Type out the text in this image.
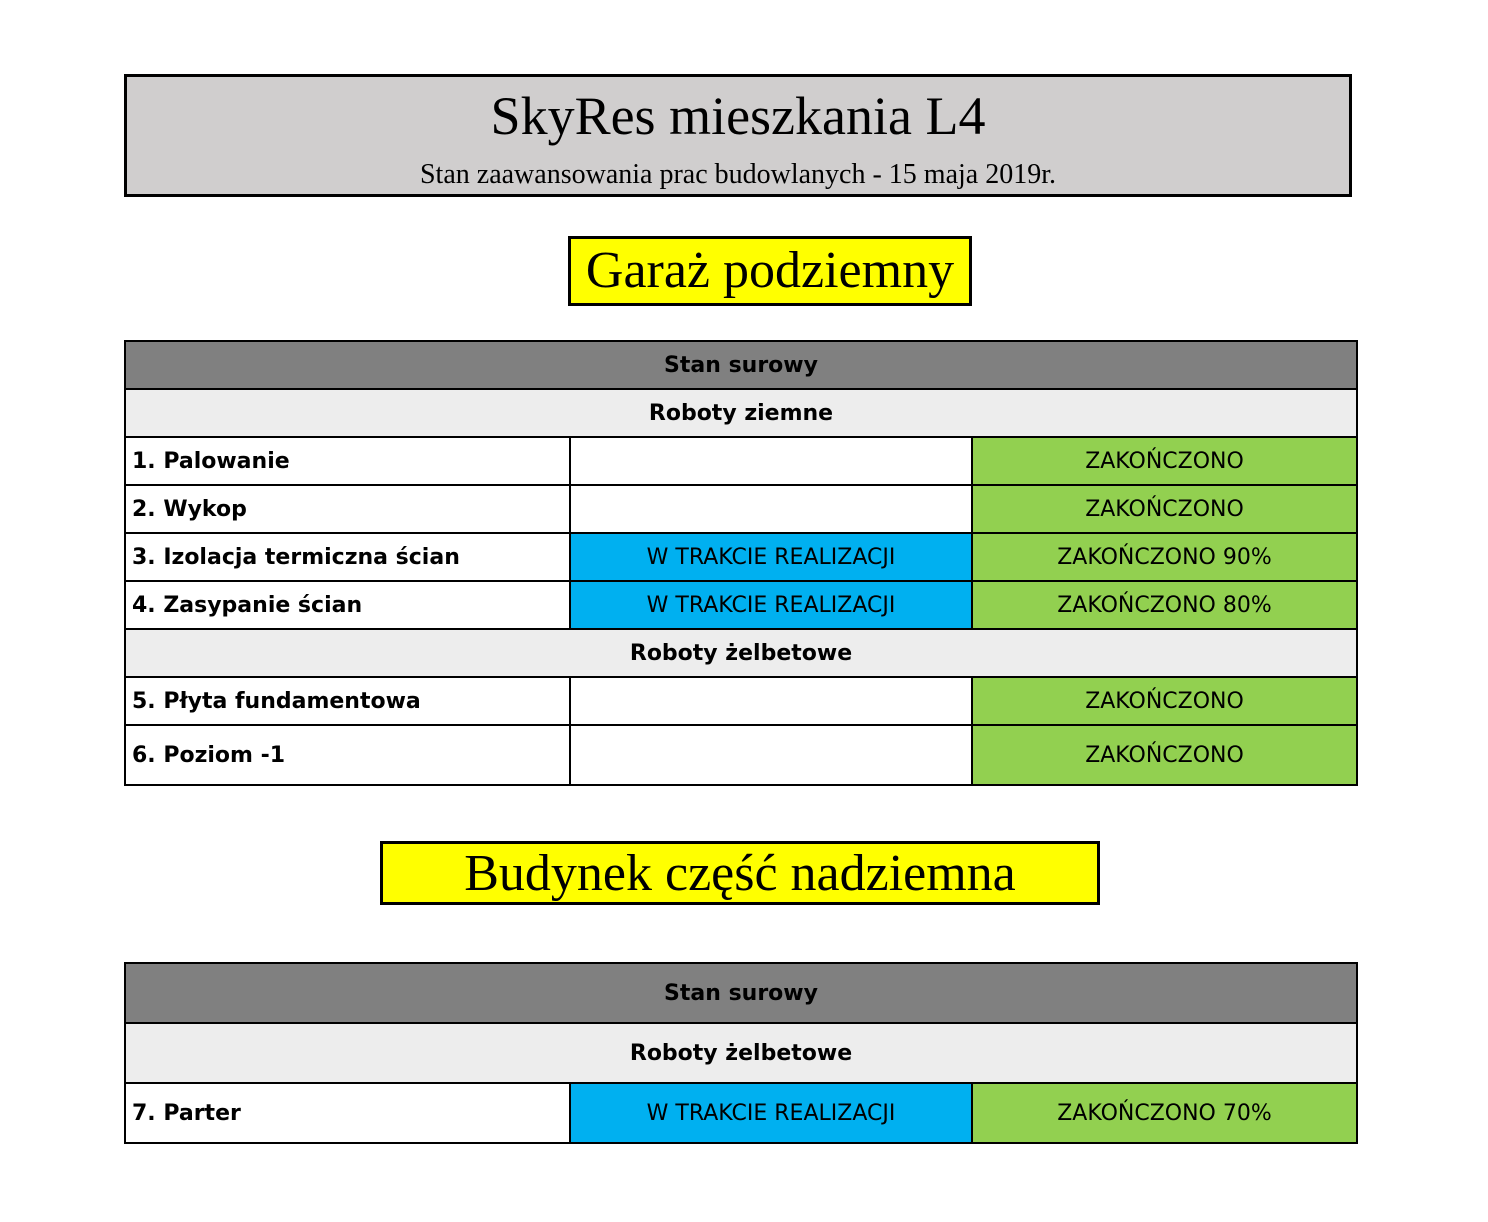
SkyRes mieszkania L4
Stan zaawansowania prac budowlanych - 15 maja 2019r.
Garaż podziemny
Stan surowy		
Roboty ziemne		
1. Palowanie		ZAKOŃCZONO
2. Wykop		ZAKOŃCZONO
3. Izolacja termiczna ścian	W TRAKCIE REALIZACJI	ZAKOŃCZONO 90%
4. Zasypanie ścian	W TRAKCIE REALIZACJI	ZAKOŃCZONO 80%
Roboty żelbetowe		
5. Płyta fundamentowa		ZAKOŃCZONO
6. Poziom -1		ZAKOŃCZONO
Budynek część nadziemna
Stan surowy
Roboty żelbetowe
7. Parter	W TRAKCIE REALIZACJI	ZAKOŃCZONO 70%
